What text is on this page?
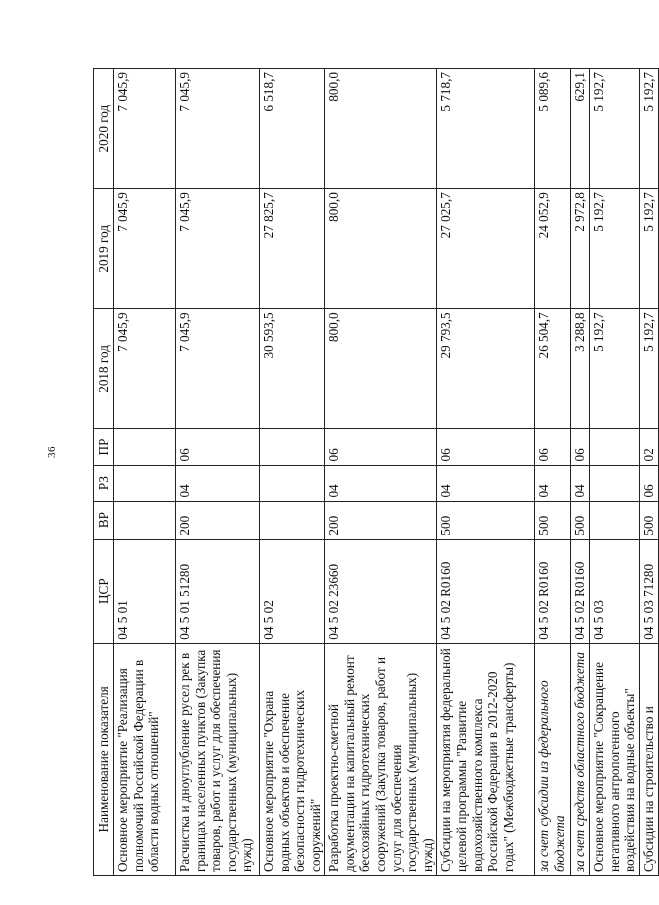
36
Наименование показателя	ЦСР	ВР	РЗ	ПР	2018 год	2019 год	2020 год
Основное мероприятие "Реализация полномочий Российской Федерации в области водных отношений"	04 5 01				7 045,9	7 045,9	7 045,9
Расчистка и дноуглубление русел рек в границах населенных пунктов (Закупка товаров, работ и услуг для обеспечения государственных (муниципальных) нужд)	04 5 01 51280	200	04	06	7 045,9	7 045,9	7 045,9
Основное мероприятие "Охрана водных объектов и обеспечение безопасности гидротехнических сооружений"	04 5 02				30 593,5	27 825,7	6 518,7
Разработка проектно-сметной документации на капитальный ремонт бесхозяйных гидротехнических сооружений (Закупка товаров, работ и услуг для обеспечения государственных (муниципальных) нужд)	04 5 02 23660	200	04	06	800,0	800,0	800,0
Субсидии на мероприятия федеральной целевой программы "Развитие водохозяйственного комплекса Российской Федерации в 2012-2020 годах" (Межбюджетные трансферты)	04 5 02 R0160	500	04	06	29 793,5	27 025,7	5 718,7
за счет субсидии из федерального бюджета	04 5 02 R0160	500	04	06	26 504,7	24 052,9	5 089,6
за счет средств областного бюджета	04 5 02 R0160	500	04	06	3 288,8	2 972,8	629,1
Основное мероприятие "Сокращение негативного антропогенного воздействия на водные объекты"	04 5 03				5 192,7	5 192,7	5 192,7
Субсидии на строительство и	04 5 03 71280	500	06	02	5 192,7	5 192,7	5 192,7
